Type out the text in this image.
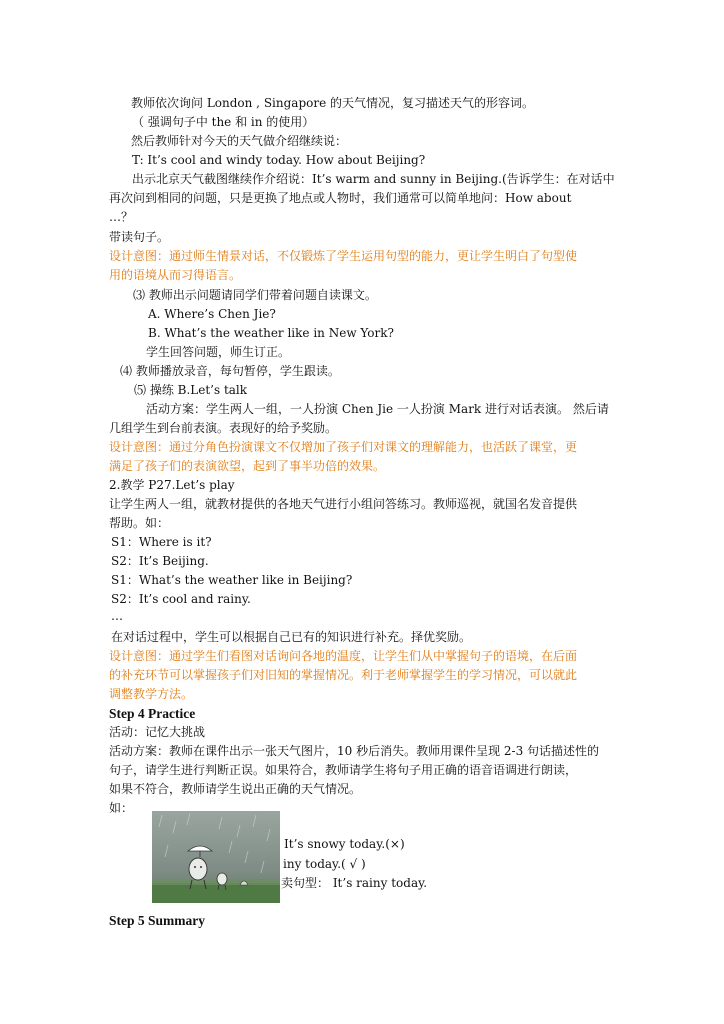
教师依次询问 London , Singapore 的天气情况，复习描述天气的形容词。
（ 强调句子中 the 和 in 的使用）
然后教师针对今天的天气做介绍继续说：
T: It’s cool and windy today. How about Beijing?
出示北京天气截图继续作介绍说：It’s warm and sunny in Beijing.(告诉学生：在对话中
再次问到相同的问题，只是更换了地点或人物时，我们通常可以简单地问：How about
…？
带读句子。
设计意图：通过师生情景对话，不仅锻炼了学生运用句型的能力，更让学生明白了句型使
用的语境从而习得语言。
⑶ 教师出示问题请同学们带着问题自读课文。
A. Where’s Chen Jie?
B. What’s the weather like in New York?
学生回答问题，师生订正。
⑷ 教师播放录音，每句暂停，学生跟读。
⑸ 操练 B.Let’s talk
活动方案：学生两人一组，一人扮演 Chen Jie 一人扮演 Mark 进行对话表演。 然后请
几组学生到台前表演。表现好的给予奖励。
设计意图：通过分角色扮演课文不仅增加了孩子们对课文的理解能力，也活跃了课堂，更
满足了孩子们的表演欲望，起到了事半功倍的效果。
2.教学 P27.Let’s play
让学生两人一组，就教材提供的各地天气进行小组问答练习。教师巡视，就国名发音提供
帮助。如：
S1：Where is it?
S2：It’s Beijing.
S1：What’s the weather like in Beijing?
S2：It’s cool and rainy.
…
在对话过程中，学生可以根据自己已有的知识进行补充。择优奖励。
设计意图：通过学生们看图对话询问各地的温度，让学生们从中掌握句子的语境，在后面
的补充环节可以掌握孩子们对旧知的掌握情况。利于老师掌握学生的学习情况，可以就此
调整教学方法。
Step 4 Practice
活动：记忆大挑战
活动方案：教师在课件出示一张天气图片，10 秒后消失。教师用课件呈现 2-3 句话描述性的
句子，请学生进行判断正误。如果符合，教师请学生将句子用正确的语音语调进行朗读，
如果不符合，教师请学生说出正确的天气情况。
如：
It’s snowy today.(×)
iny today.( √ )
卖句型： It’s rainy today.
Step 5 Summary
